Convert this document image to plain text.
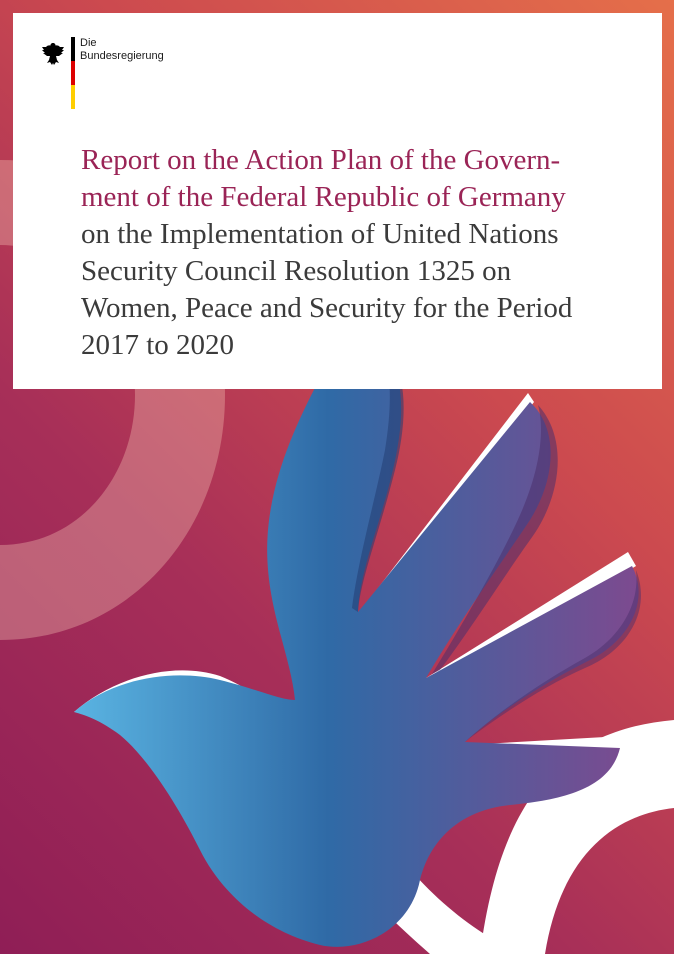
Die
Bundesregierung
Report on the Action Plan of the Govern-
ment of the Federal Republic of Germany
on the Implementation of United Nations
Security Council Resolution 1325 on
Women, Peace and Security for the Period
2017 to 2020
